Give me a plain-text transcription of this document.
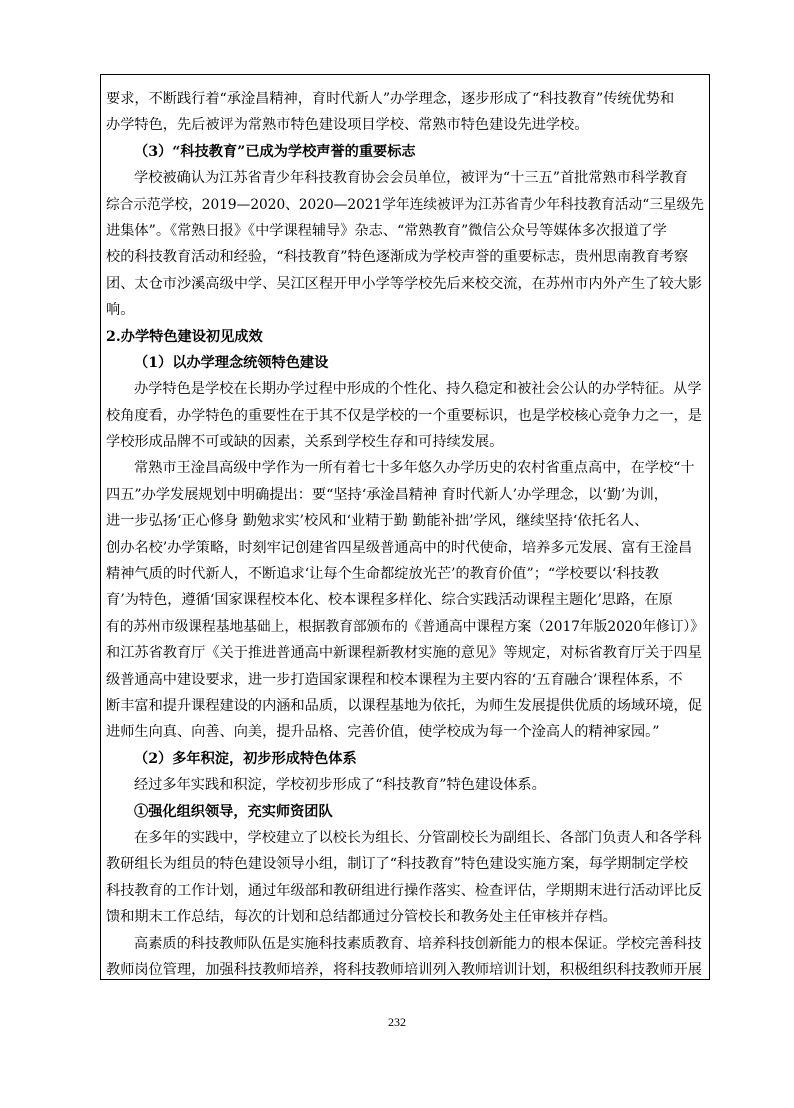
要求，不断践行着“承淦昌精神，育时代新人”办学理念，逐步形成了“科技教育”传统优势和
办学特色，先后被评为常熟市特色建设项目学校、常熟市特色建设先进学校。
（3）“科技教育”已成为学校声誉的重要标志
学校被确认为江苏省青少年科技教育协会会员单位，被评为“十三五”首批常熟市科学教育
综合示范学校，2019—2020、2020—2021学年连续被评为江苏省青少年科技教育活动“三星级先
进集体”。《常熟日报》《中学课程辅导》杂志、“常熟教育”微信公众号等媒体多次报道了学
校的科技教育活动和经验，“科技教育”特色逐渐成为学校声誉的重要标志，贵州思南教育考察
团、太仓市沙溪高级中学、吴江区程开甲小学等学校先后来校交流，在苏州市内外产生了较大影
响。
2.办学特色建设初见成效
（1）以办学理念统领特色建设
办学特色是学校在长期办学过程中形成的个性化、持久稳定和被社会公认的办学特征。从学
校角度看，办学特色的重要性在于其不仅是学校的一个重要标识，也是学校核心竞争力之一，是
学校形成品牌不可或缺的因素，关系到学校生存和可持续发展。
常熟市王淦昌高级中学作为一所有着七十多年悠久办学历史的农村省重点高中，在学校“十
四五”办学发展规划中明确提出：要“坚持‘承淦昌精神 育时代新人’办学理念，以‘勤’为训，
进一步弘扬‘正心修身 勤勉求实’校风和‘业精于勤 勤能补拙’学风，继续坚持‘依托名人、
创办名校’办学策略，时刻牢记创建省四星级普通高中的时代使命，培养多元发展、富有王淦昌
精神气质的时代新人，不断追求‘让每个生命都绽放光芒’的教育价值”；“学校要以‘科技教
育’为特色，遵循‘国家课程校本化、校本课程多样化、综合实践活动课程主题化’思路，在原
有的苏州市级课程基地基础上，根据教育部颁布的《普通高中课程方案（2017年版2020年修订）》
和江苏省教育厅《关于推进普通高中新课程新教材实施的意见》等规定，对标省教育厅关于四星
级普通高中建设要求，进一步打造国家课程和校本课程为主要内容的‘五育融合’课程体系，不
断丰富和提升课程建设的内涵和品质，以课程基地为依托，为师生发展提供优质的场域环境，促
进师生向真、向善、向美，提升品格、完善价值，使学校成为每一个淦高人的精神家园。”
（2）多年积淀，初步形成特色体系
经过多年实践和积淀，学校初步形成了“科技教育”特色建设体系。
①强化组织领导，充实师资团队
在多年的实践中，学校建立了以校长为组长、分管副校长为副组长、各部门负责人和各学科
教研组长为组员的特色建设领导小组，制订了“科技教育”特色建设实施方案，每学期制定学校
科技教育的工作计划，通过年级部和教研组进行操作落实、检查评估，学期期末进行活动评比反
馈和期末工作总结，每次的计划和总结都通过分管校长和教务处主任审核并存档。
高素质的科技教师队伍是实施科技素质教育、培养科技创新能力的根本保证。学校完善科技
教师岗位管理，加强科技教师培养，将科技教师培训列入教师培训计划，积极组织科技教师开展
232
